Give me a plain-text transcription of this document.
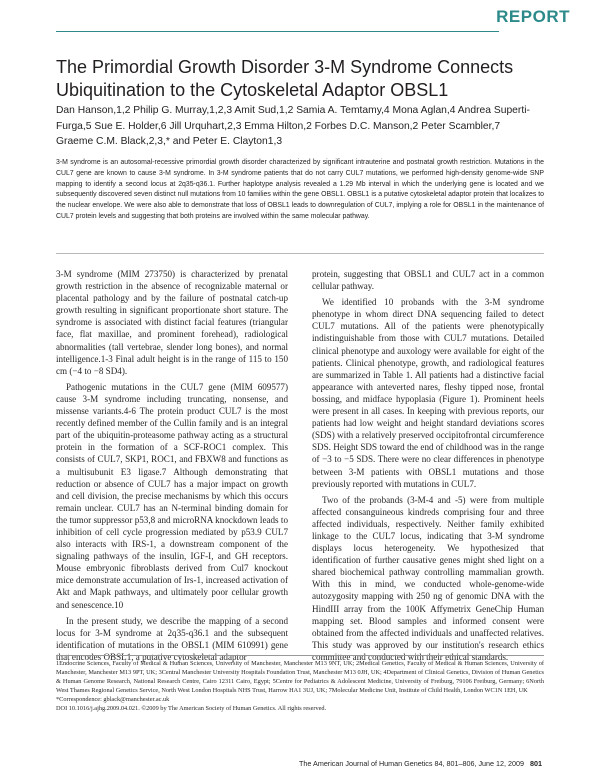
REPORT
The Primordial Growth Disorder 3-M Syndrome Connects Ubiquitination to the Cytoskeletal Adaptor OBSL1

Dan Hanson,1,2 Philip G. Murray,1,2,3 Amit Sud,1,2 Samia A. Temtamy,4 Mona Aglan,4 Andrea Superti-Furga,5 Sue E. Holder,6 Jill Urquhart,2,3 Emma Hilton,2 Forbes D.C. Manson,2 Peter Scambler,7 Graeme C.M. Black,2,3,* and Peter E. Clayton1,3

3-M syndrome is an autosomal-recessive primordial growth disorder characterized by significant intrauterine and postnatal growth restriction. Mutations in the CUL7 gene are known to cause 3-M syndrome. In 3-M syndrome patients that do not carry CUL7 mutations, we performed high-density genome-wide SNP mapping to identify a second locus at 2q35-q36.1. Further haplotype analysis revealed a 1.29 Mb interval in which the underlying gene is located and we subsequently discovered seven distinct null mutations from 10 families within the gene OBSL1. OBSL1 is a putative cytoskeletal adaptor protein that localizes to the nuclear envelope. We were also able to demonstrate that loss of OBSL1 leads to downregulation of CUL7, implying a role for OBSL1 in the maintenance of CUL7 protein levels and suggesting that both proteins are involved within the same molecular pathway.

3-M syndrome (MIM 273750) is characterized by prenatal growth restriction in the absence of recognizable maternal or placental pathology and by the failure of postnatal catch-up growth resulting in significant proportionate short stature. The syndrome is associated with distinct facial features (triangular face, flat maxillae, and prominent forehead), radiological abnormalities (tall vertebrae, slender long bones), and normal intelligence.1-3 Final adult height is in the range of 115 to 150 cm (−4 to −8 SD4).

Pathogenic mutations in the CUL7 gene (MIM 609577) cause 3-M syndrome including truncating, nonsense, and missense variants.4-6 The protein product CUL7 is the most recently defined member of the Cullin family and is an integral part of the ubiquitin-proteasome pathway acting as a structural protein in the formation of a SCF-ROC1 complex. This consists of CUL7, SKP1, ROC1, and FBXW8 and functions as a multisubunit E3 ligase.7 Although demonstrating that reduction or absence of CUL7 has a major impact on growth and cell division, the precise mechanisms by which this occurs remain unclear. CUL7 has an N-terminal binding domain for the tumor suppressor p53,8 and microRNA knockdown leads to inhibition of cell cycle progression mediated by p53.9 CUL7 also interacts with IRS-1, a downstream component of the signaling pathways of the insulin, IGF-I, and GH receptors. Mouse embryonic fibroblasts derived from Cul7 knockout mice demonstrate accumulation of Irs-1, increased activation of Akt and Mapk pathways, and ultimately poor cellular growth and senescence.10

In the present study, we describe the mapping of a second locus for 3-M syndrome at 2q35-q36.1 and the subsequent identification of mutations in the OBSL1 (MIM 610991) gene that encodes OBSL1, a putative cytoskeletal adaptor

protein, suggesting that OBSL1 and CUL7 act in a common cellular pathway.

We identified 10 probands with the 3-M syndrome phenotype in whom direct DNA sequencing failed to detect CUL7 mutations. All of the patients were phenotypically indistinguishable from those with CUL7 mutations. Detailed clinical phenotype and auxology were available for eight of the patients. Clinical phenotype, growth, and radiological features are summarized in Table 1. All patients had a distinctive facial appearance with anteverted nares, fleshy tipped nose, frontal bossing, and midface hypoplasia (Figure 1). Prominent heels were present in all cases. In keeping with previous reports, our patients had low weight and height standard deviations scores (SDS) with a relatively preserved occipitofrontal circumference SDS. Height SDS toward the end of childhood was in the range of −3 to −5 SDS. There were no clear differences in phenotype between 3-M patients with OBSL1 mutations and those previously reported with mutations in CUL7.

Two of the probands (3-M-4 and -5) were from multiple affected consanguineous kindreds comprising four and three affected individuals, respectively. Neither family exhibited linkage to the CUL7 locus, indicating that 3-M syndrome displays locus heterogeneity. We hypothesized that identification of further causative genes might shed light on a shared biochemical pathway controlling mammalian growth. With this in mind, we conducted whole-genome-wide autozygosity mapping with 250 ng of genomic DNA with the HindIII array from the 100K Affymetrix GeneChip Human mapping set. Blood samples and informed consent were obtained from the affected individuals and unaffected relatives. This study was approved by our institution's research ethics committee and conducted with their ethical standards.

1Endocrine Sciences, Faculty of Medical & Human Sciences, University of Manchester, Manchester M13 9NT, UK; 2Medical Genetics, Faculty of Medical & Human Sciences, University of Manchester, Manchester M13 9PT, UK; 3Central Manchester University Hospitals Foundation Trust, Manchester M13 0JH, UK; 4Department of Clinical Genetics, Division of Human Genetics & Human Genome Research, National Research Centre, Cairo 12311 Cairo, Egypt; 5Centre for Pediatrics & Adolescent Medicine, University of Freiburg, 79106 Freiburg, Germany; 6North West Thames Regional Genetics Service, North West London Hospitals NHS Trust, Harrow HA1 3UJ, UK; 7Molecular Medicine Unit, Institute of Child Health, London WC1N 1EH, UK
*Correspondence: gblack@manchester.ac.uk
DOI 10.1016/j.ajhg.2009.04.021. ©2009 by The American Society of Human Genetics. All rights reserved.

The American Journal of Human Genetics 84, 801–806, June 12, 2009 801
